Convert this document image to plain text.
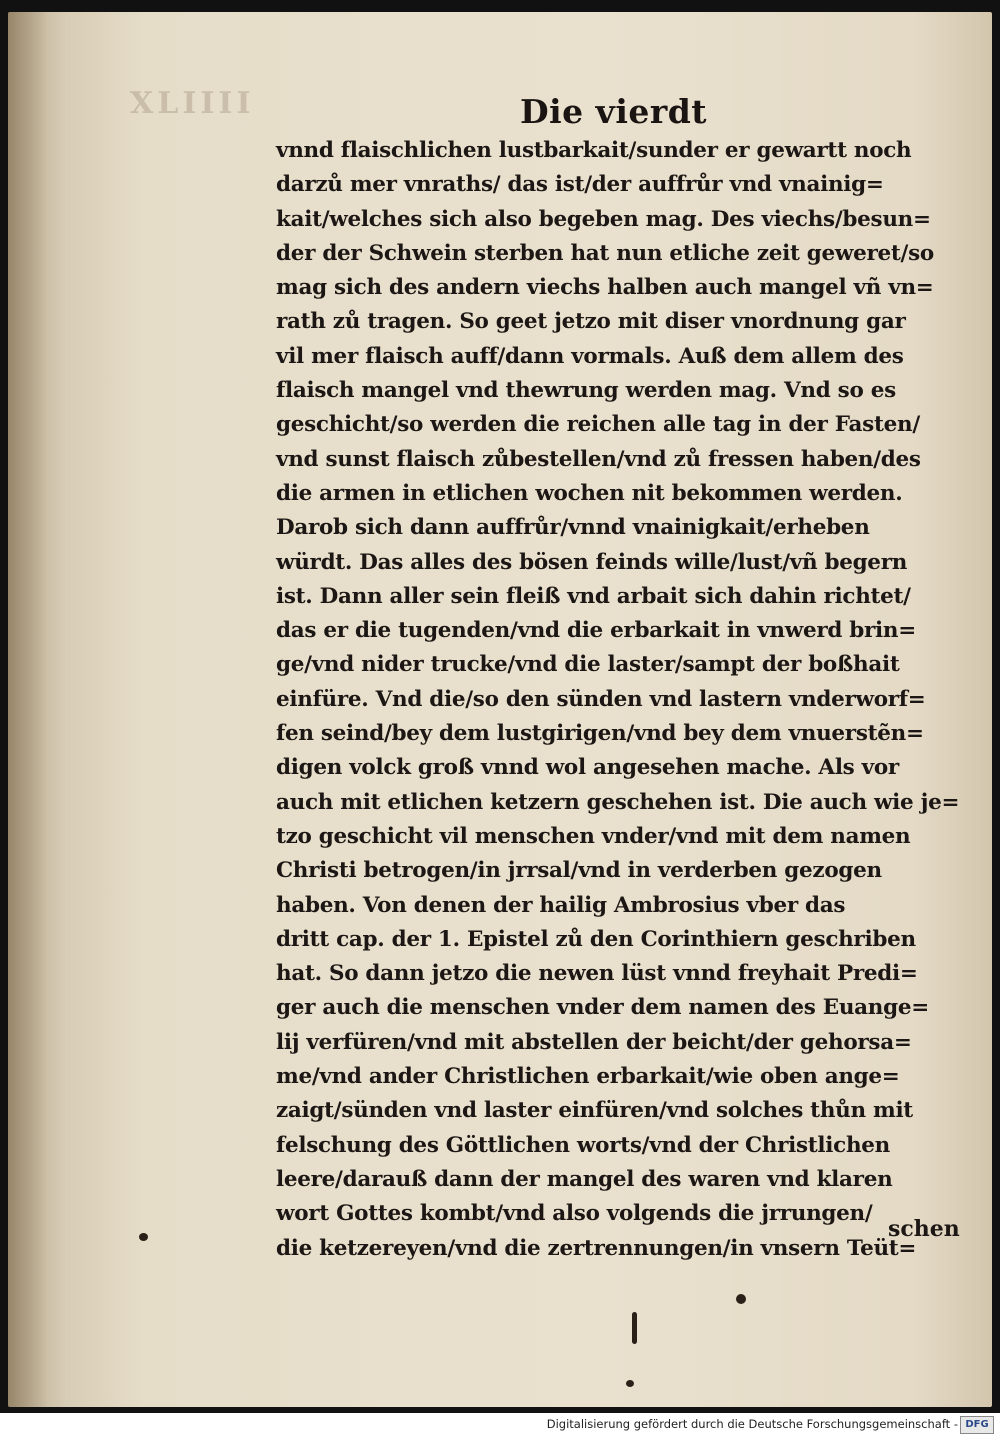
XLIIII	Die vierdt
vnnd flaischlichen lustbarkait/sunder er gewartt noch
darzů mer vnraths/ das ist/der auffrůr vnd vnainig=
kait/welches sich also begeben mag. Des viechs/besun=
der der Schwein sterben hat nun etliche zeit geweret/so
mag sich des andern viechs halben auch mangel vñ vn=
rath zů tragen. So geet jetzo mit diser vnordnung gar
vil mer flaisch auff/dann vormals. Auß dem allem des
flaisch mangel vnd thewrung werden mag. Vnd so es
geschicht/so werden die reichen alle tag in der Fasten/
vnd sunst flaisch zůbestellen/vnd zů fressen haben/des
die armen in etlichen wochen nit bekommen werden.
Darob sich dann auffrůr/vnnd vnainigkait/erheben
würdt. Das alles des bösen feinds wille/lust/vñ begern
ist. Dann aller sein fleiß vnd arbait sich dahin richtet/
das er die tugenden/vnd die erbarkait in vnwerd brin=
ge/vnd nider trucke/vnd die laster/sampt der boßhait
einfüre. Vnd die/so den sünden vnd lastern vnderworf=
fen seind/bey dem lustgirigen/vnd bey dem vnuerstẽn=
digen volck groß vnnd wol angesehen mache. Als vor
auch mit etlichen ketzern geschehen ist. Die auch wie je=
tzo geschicht vil menschen vnder/vnd mit dem namen
Christi betrogen/in jrrsal/vnd in verderben gezogen
haben. Von denen der hailig Ambrosius vber das
dritt cap. der 1. Epistel zů den Corinthiern geschriben
hat. So dann jetzo die newen lüst vnnd freyhait Predi=
ger auch die menschen vnder dem namen des Euange=
lij verfüren/vnd mit abstellen der beicht/der gehorsa=
me/vnd ander Christlichen erbarkait/wie oben ange=
zaigt/sünden vnd laster einfüren/vnd solches thůn mit
felschung des Göttlichen worts/vnd der Christlichen
leere/darauß dann der mangel des waren vnd klaren
wort Gottes kombt/vnd also volgends die jrrungen/
die ketzereyen/vnd die zertrennungen/in vnsern Teüt=
schen
Digitalisierung gefördert durch die Deutsche Forschungsgemeinschaft - DFG
